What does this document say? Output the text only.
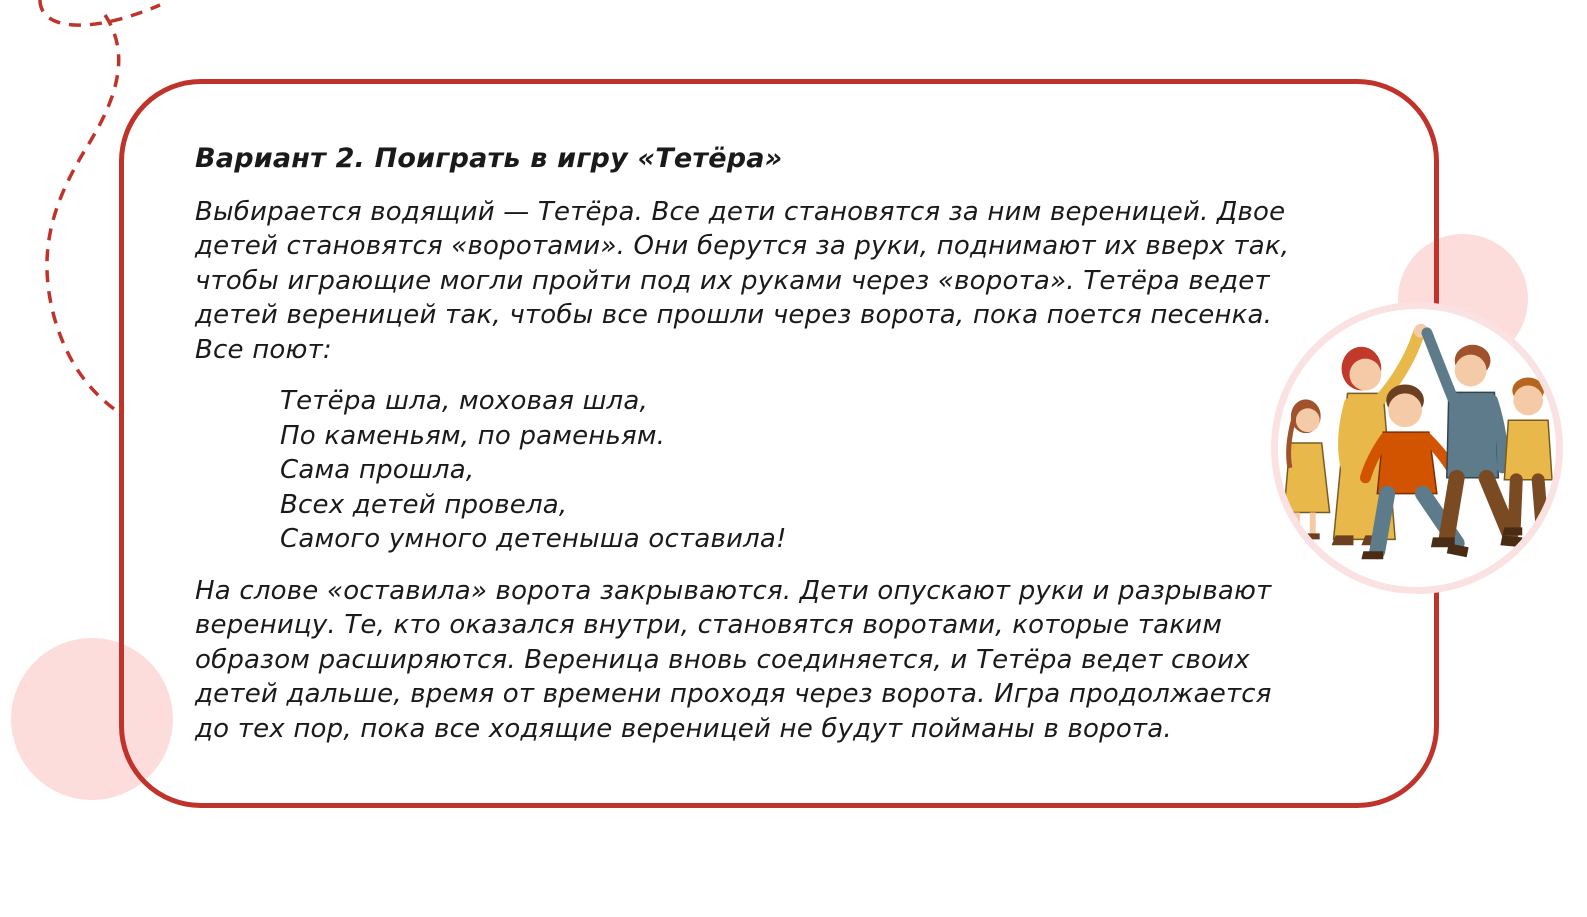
Вариант 2. Поиграть в игру «Тетёра»

Выбирается водящий — Тетёра. Все дети становятся за ним вереницей. Двое
детей становятся «воротами». Они берутся за руки, поднимают их вверх так,
чтобы играющие могли пройти под их руками через «ворота». Тетёра ведет
детей вереницей так, чтобы все прошли через ворота, пока поется песенка.
Все поют:

Тетёра шла, моховая шла,
По каменьям, по раменьям.
Сама прошла,
Всех детей провела,
Самого умного детеныша оставила!

На слове «оставила» ворота закрываются. Дети опускают руки и разрывают
вереницу. Те, кто оказался внутри, становятся воротами, которые таким
образом расширяются. Вереница вновь соединяется, и Тетёра ведет своих
детей дальше, время от времени проходя через ворота. Игра продолжается
до тех пор, пока все ходящие вереницей не будут пойманы в ворота.
